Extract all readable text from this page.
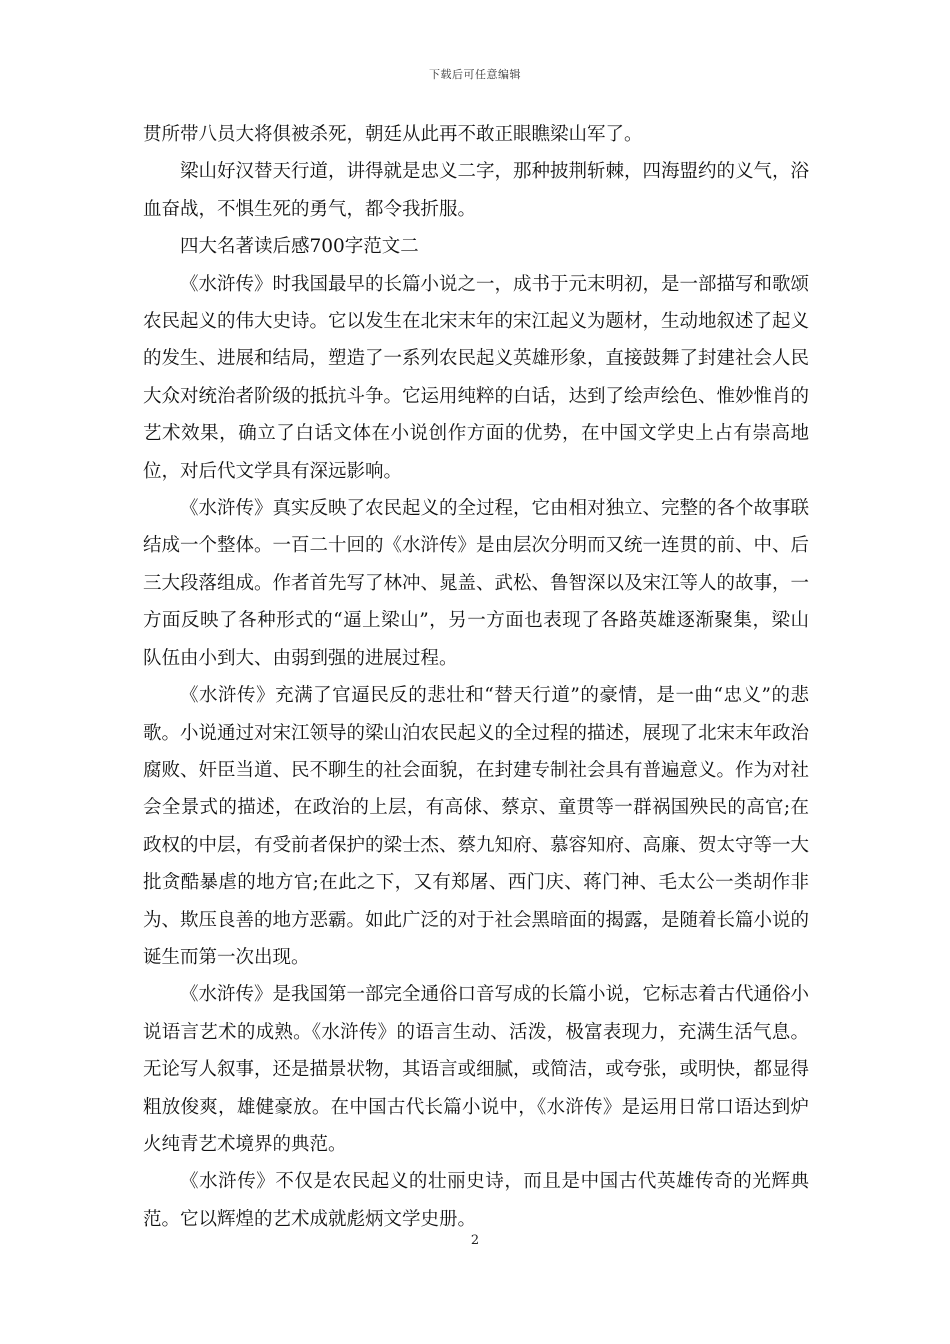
下载后可任意编辑

贯所带八员大将俱被杀死，朝廷从此再不敢正眼瞧梁山军了。

梁山好汉替天行道，讲得就是忠义二字，那种披荆斩棘，四海盟约的义气，浴血奋战，不惧生死的勇气，都令我折服。

四大名著读后感700字范文二

《水浒传》时我国最早的长篇小说之一，成书于元末明初，是一部描写和歌颂农民起义的伟大史诗。它以发生在北宋末年的宋江起义为题材，生动地叙述了起义的发生、进展和结局，塑造了一系列农民起义英雄形象，直接鼓舞了封建社会人民大众对统治者阶级的抵抗斗争。它运用纯粹的白话，达到了绘声绘色、惟妙惟肖的艺术效果，确立了白话文体在小说创作方面的优势，在中国文学史上占有崇高地位，对后代文学具有深远影响。

《水浒传》真实反映了农民起义的全过程，它由相对独立、完整的各个故事联结成一个整体。一百二十回的《水浒传》是由层次分明而又统一连贯的前、中、后三大段落组成。作者首先写了林冲、晁盖、武松、鲁智深以及宋江等人的故事，一方面反映了各种形式的“逼上梁山”，另一方面也表现了各路英雄逐渐聚集，梁山队伍由小到大、由弱到强的进展过程。

《水浒传》充满了官逼民反的悲壮和“替天行道”的豪情，是一曲“忠义”的悲歌。小说通过对宋江领导的梁山泊农民起义的全过程的描述，展现了北宋末年政治腐败、奸臣当道、民不聊生的社会面貌，在封建专制社会具有普遍意义。作为对社会全景式的描述，在政治的上层，有高俅、蔡京、童贯等一群祸国殃民的高官;在政权的中层，有受前者保护的梁士杰、蔡九知府、慕容知府、高廉、贺太守等一大批贪酷暴虐的地方官;在此之下，又有郑屠、西门庆、蒋门神、毛太公一类胡作非为、欺压良善的地方恶霸。如此广泛的对于社会黑暗面的揭露，是随着长篇小说的诞生而第一次出现。

《水浒传》是我国第一部完全通俗口音写成的长篇小说，它标志着古代通俗小说语言艺术的成熟。《水浒传》的语言生动、活泼，极富表现力，充满生活气息。无论写人叙事，还是描景状物，其语言或细腻，或简洁，或夸张，或明快，都显得粗放俊爽，雄健豪放。在中国古代长篇小说中，《水浒传》是运用日常口语达到炉火纯青艺术境界的典范。

《水浒传》不仅是农民起义的壮丽史诗，而且是中国古代英雄传奇的光辉典范。它以辉煌的艺术成就彪炳文学史册。

2
